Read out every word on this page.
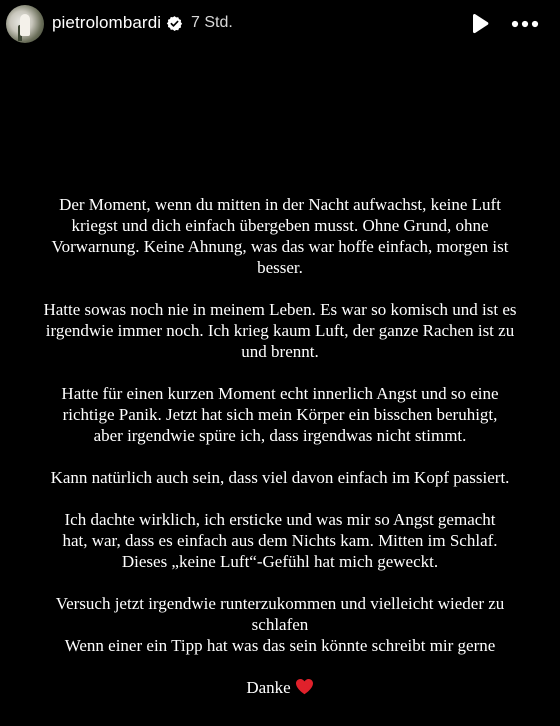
pietrolombardi 7 Std.

Der Moment, wenn du mitten in der Nacht aufwachst, keine Luft
kriegst und dich einfach übergeben musst. Ohne Grund, ohne
Vorwarnung. Keine Ahnung, was das war hoffe einfach, morgen ist
besser.

Hatte sowas noch nie in meinem Leben. Es war so komisch und ist es
irgendwie immer noch. Ich krieg kaum Luft, der ganze Rachen ist zu
und brennt.

Hatte für einen kurzen Moment echt innerlich Angst und so eine
richtige Panik. Jetzt hat sich mein Körper ein bisschen beruhigt,
aber irgendwie spüre ich, dass irgendwas nicht stimmt.

Kann natürlich auch sein, dass viel davon einfach im Kopf passiert.

Ich dachte wirklich, ich ersticke und was mir so Angst gemacht
hat, war, dass es einfach aus dem Nichts kam. Mitten im Schlaf.
Dieses „keine Luft“-Gefühl hat mich geweckt.

Versuch jetzt irgendwie runterzukommen und vielleicht wieder zu
schlafen

Wenn einer ein Tipp hat was das sein könnte schreibt mir gerne

Danke
